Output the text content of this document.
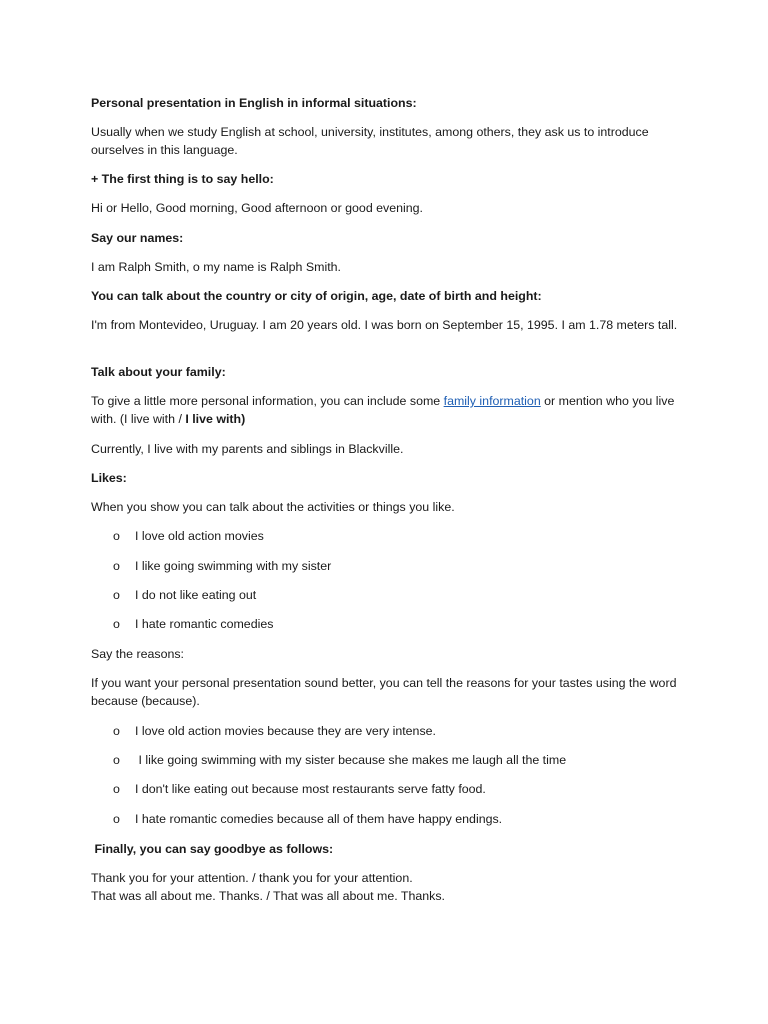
Personal presentation in English in informal situations:

Usually when we study English at school, university, institutes, among others, they ask us to introduce ourselves in this language.

+ The first thing is to say hello:

Hi or Hello, Good morning, Good afternoon or good evening.

Say our names:

I am Ralph Smith, o my name is Ralph Smith.

You can talk about the country or city of origin, age, date of birth and height:

I'm from Montevideo, Uruguay. I am 20 years old. I was born on September 15, 1995. I am 1.78 meters tall.

Talk about your family:

To give a little more personal information, you can include some family information or mention who you live with. (I live with / I live with)

Currently, I live with my parents and siblings in Blackville.

Likes:

When you show you can talk about the activities or things you like.

o I love old action movies

o I like going swimming with my sister

o I do not like eating out

o I hate romantic comedies

Say the reasons:

If you want your personal presentation sound better, you can tell the reasons for your tastes using the word because (because).

o I love old action movies because they are very intense.

o I like going swimming with my sister because she makes me laugh all the time

o I don't like eating out because most restaurants serve fatty food.

o I hate romantic comedies because all of them have happy endings.

Finally, you can say goodbye as follows:

Thank you for your attention. / thank you for your attention.

That was all about me. Thanks. / That was all about me. Thanks.
